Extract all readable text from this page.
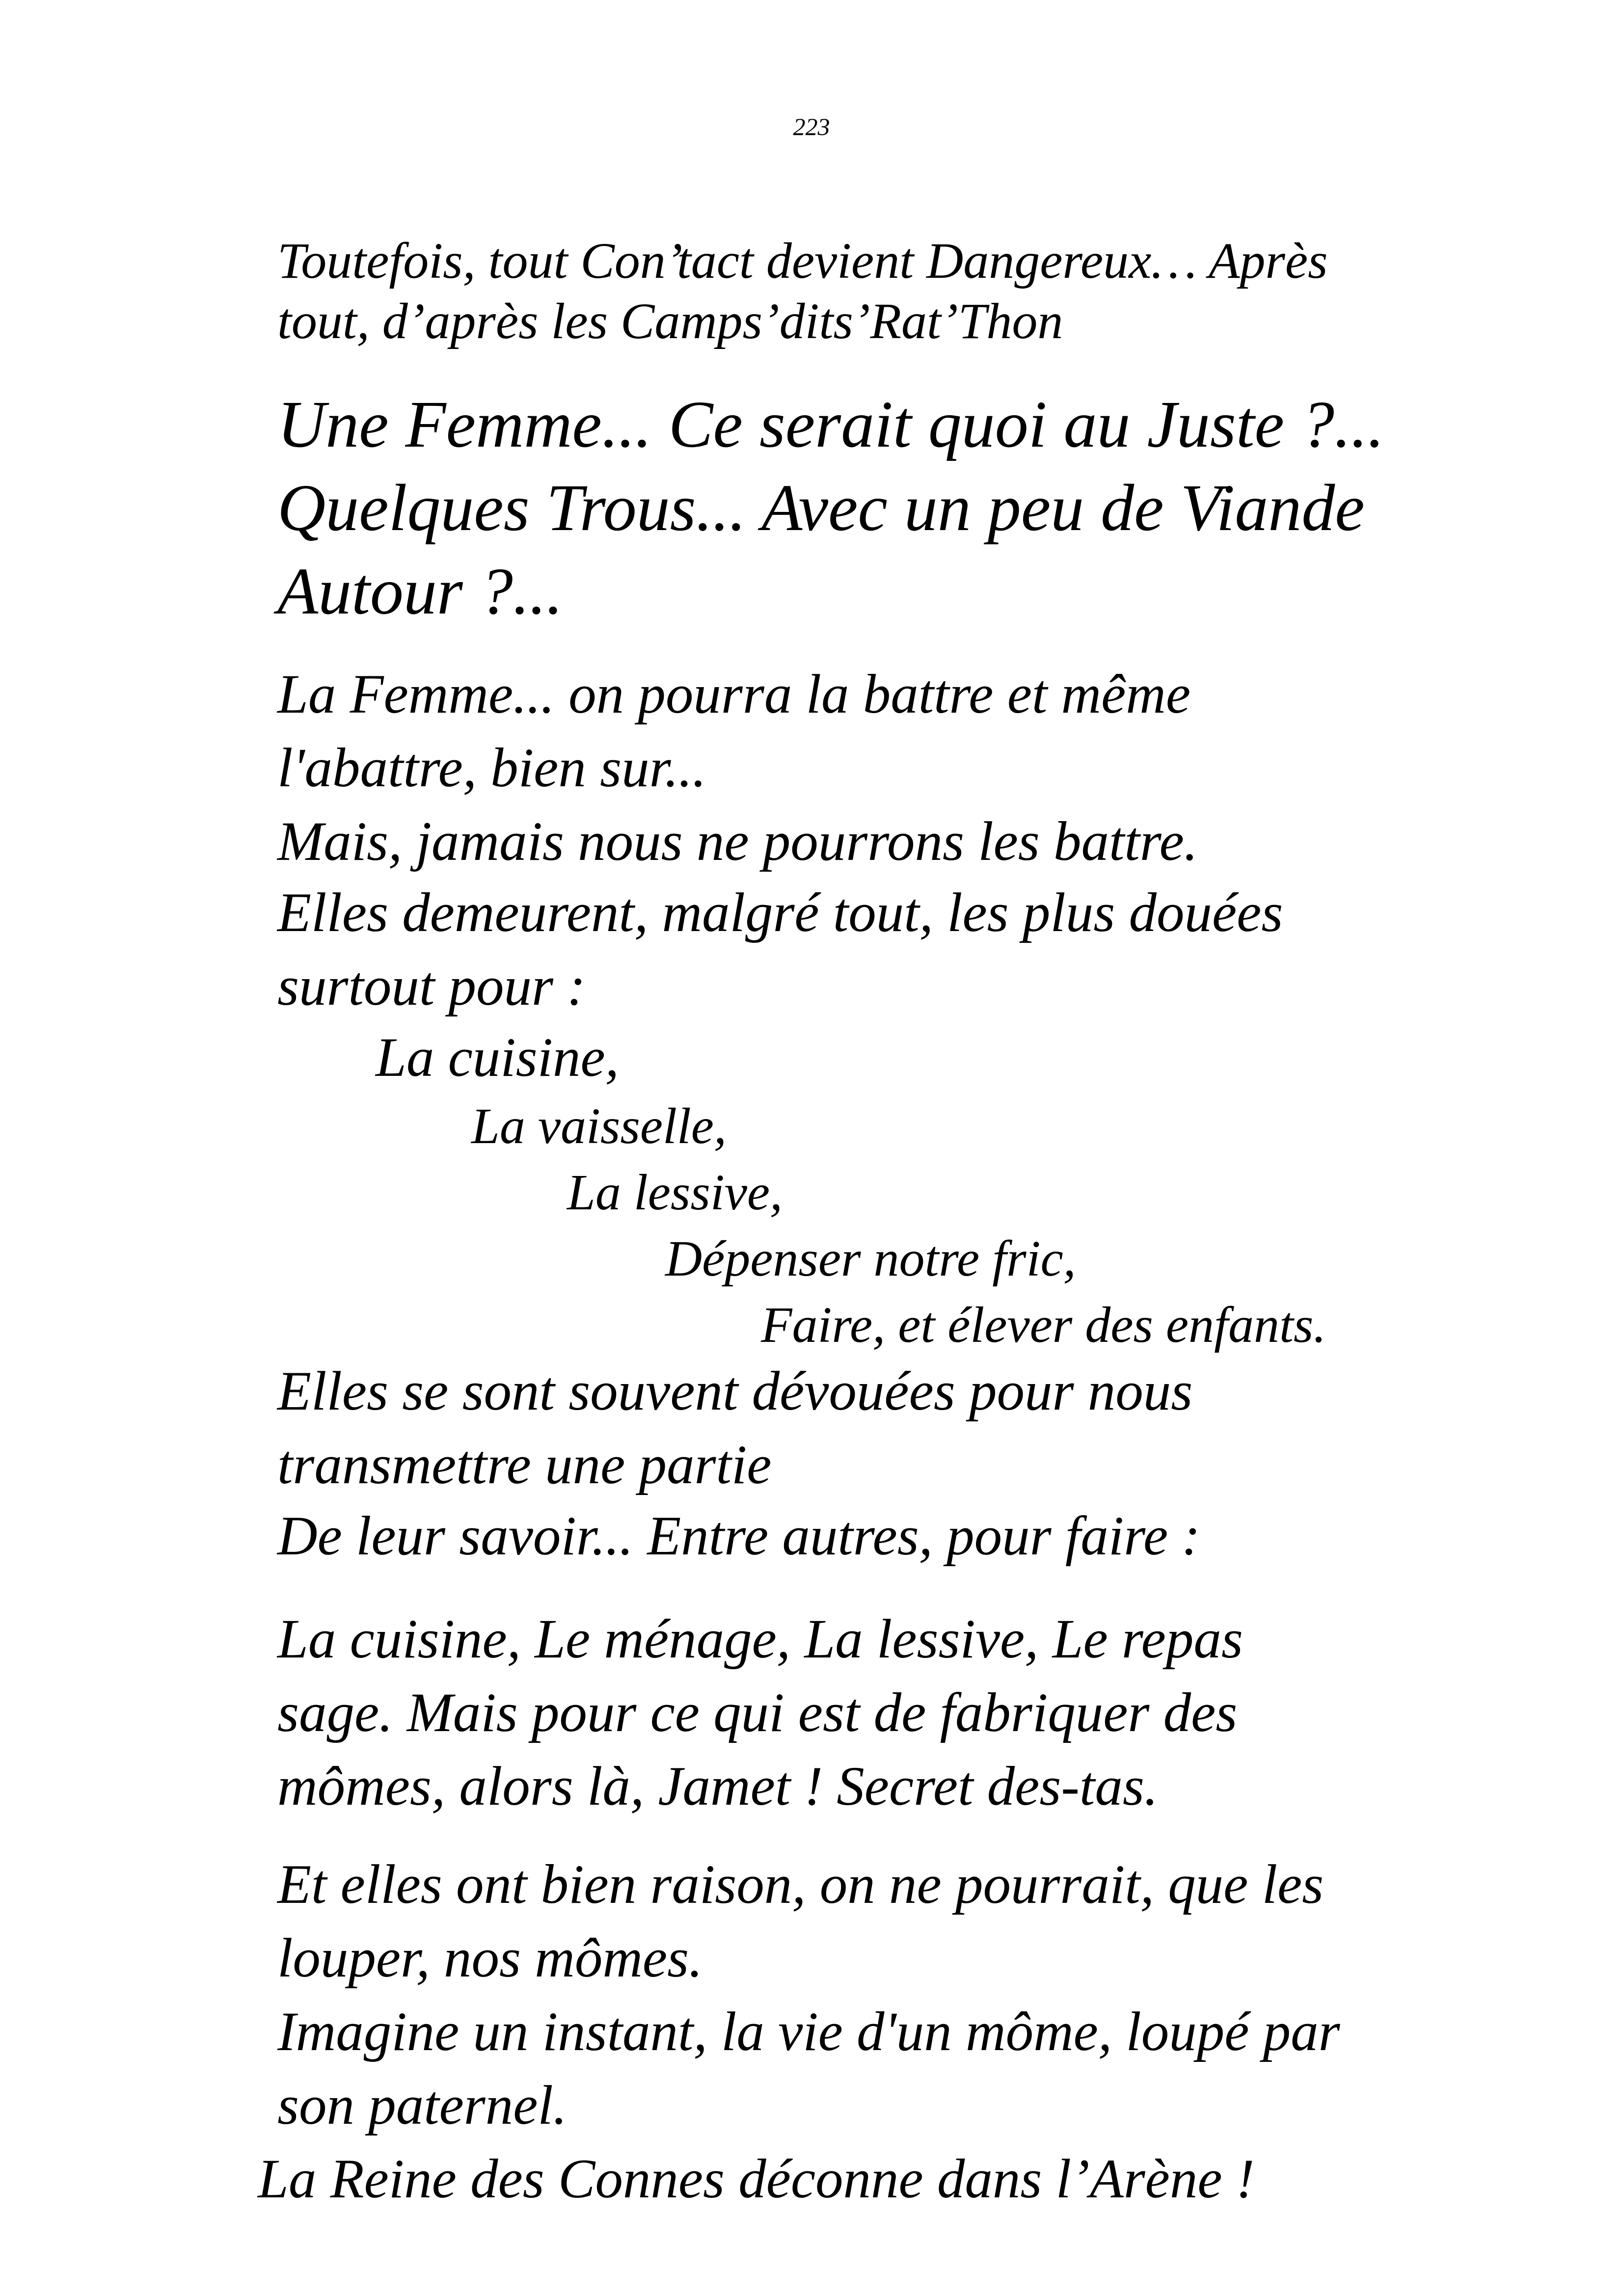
223
Toutefois, tout Con’tact devient Dangereux… Après
tout, d’après les Camps’dits’Rat’Thon
Une Femme... Ce serait quoi au Juste ?...
Quelques Trous... Avec un peu de Viande
Autour ?...
La Femme... on pourra la battre et même
l'abattre, bien sur...
Mais, jamais nous ne pourrons les battre.
Elles demeurent, malgré tout, les plus douées
surtout pour :
La cuisine,
La vaisselle,
La lessive,
Dépenser notre fric,
Faire, et élever des enfants.
Elles se sont souvent dévouées pour nous
transmettre une partie
De leur savoir... Entre autres, pour faire :
La cuisine, Le ménage, La lessive, Le repas
sage. Mais pour ce qui est de fabriquer des
mômes, alors là, Jamet ! Secret des-tas.
Et elles ont bien raison, on ne pourrait, que les
louper, nos mômes.
Imagine un instant, la vie d'un môme, loupé par
son paternel.
La Reine des Connes déconne dans l’Arène !
